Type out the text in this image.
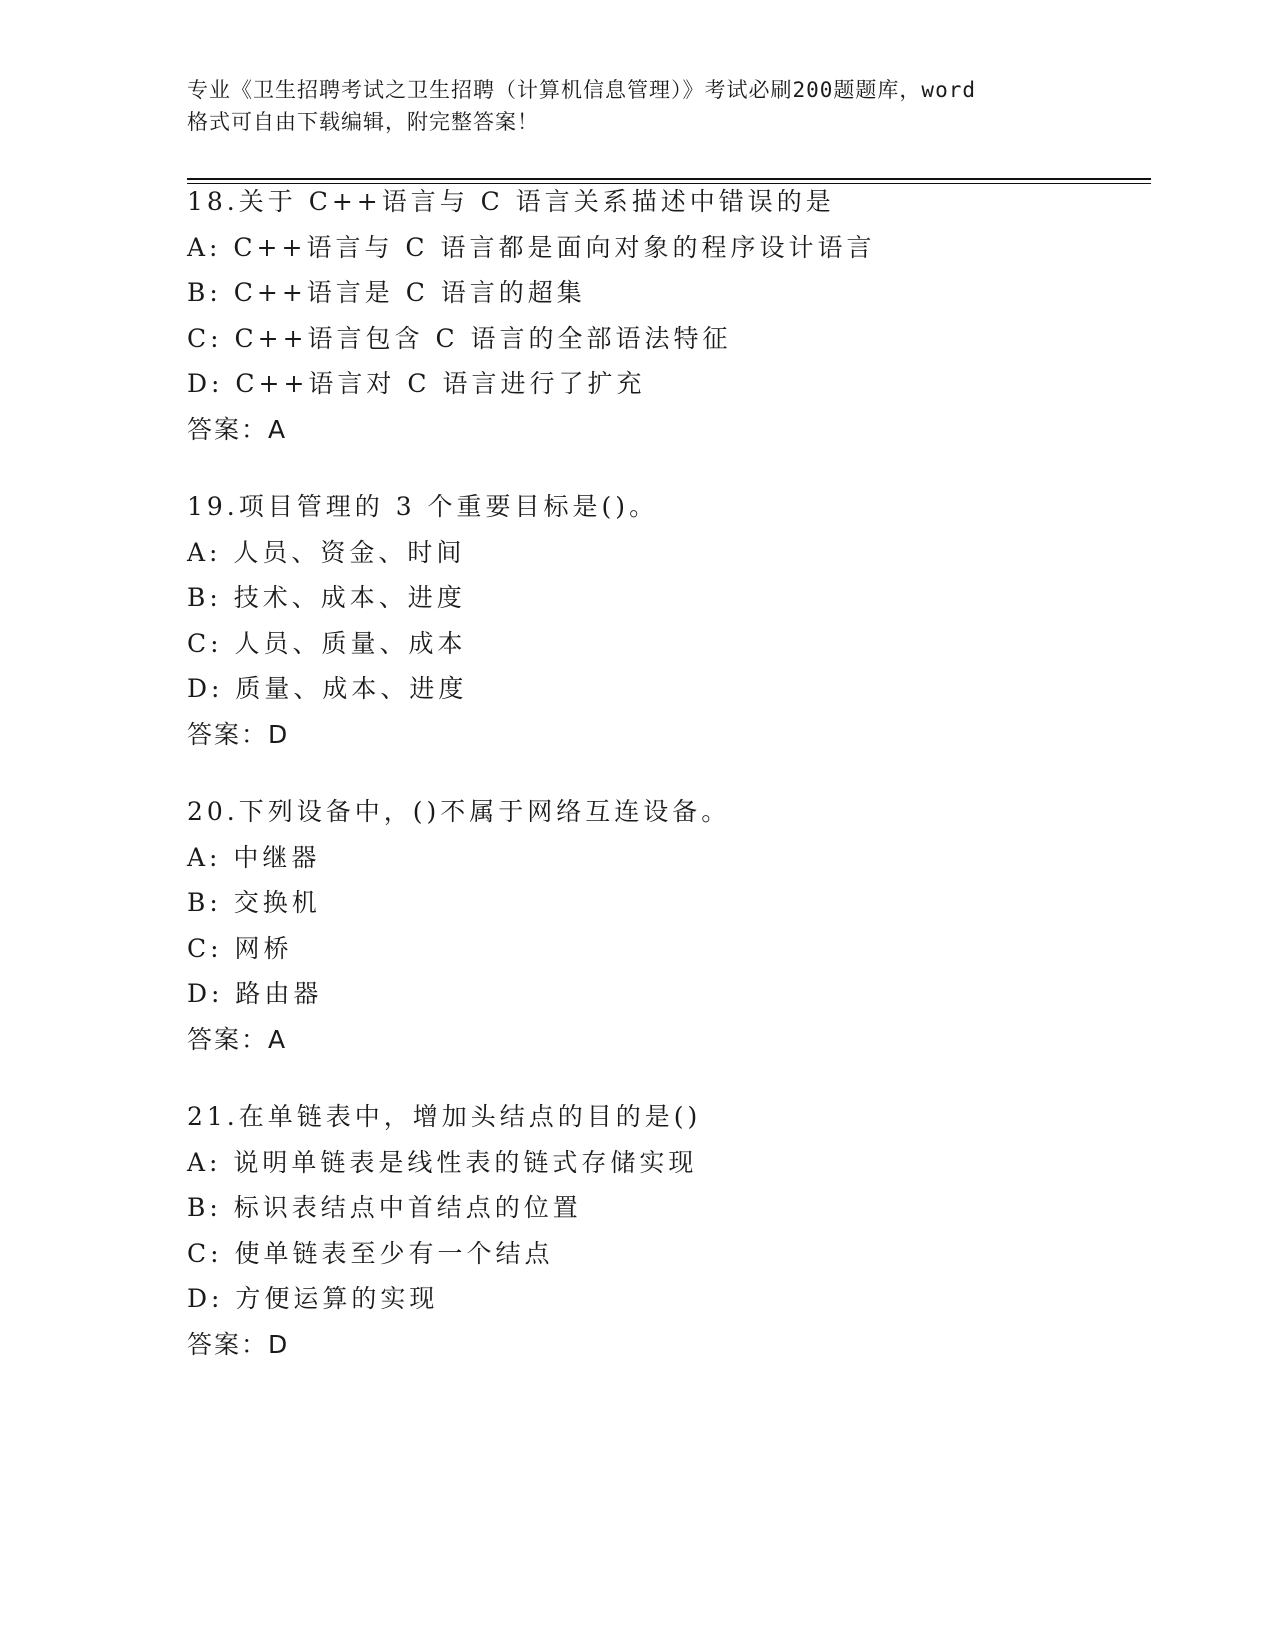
专业《卫生招聘考试之卫生招聘（计算机信息管理）》考试必刷200题题库，word
格式可自由下载编辑，附完整答案！
18.关于 C++语言与 C 语言关系描述中错误的是
A: C++语言与 C 语言都是面向对象的程序设计语言
B: C++语言是 C 语言的超集
C: C++语言包含 C 语言的全部语法特征
D: C++语言对 C 语言进行了扩充
答案：A
19.项目管理的 3 个重要目标是()。
A: 人员、资金、时间
B: 技术、成本、进度
C: 人员、质量、成本
D: 质量、成本、进度
答案：D
20.下列设备中，()不属于网络互连设备。
A: 中继器
B: 交换机
C: 网桥
D: 路由器
答案：A
21.在单链表中，增加头结点的目的是()
A: 说明单链表是线性表的链式存储实现
B: 标识表结点中首结点的位置
C: 使单链表至少有一个结点
D: 方便运算的实现
答案：D
